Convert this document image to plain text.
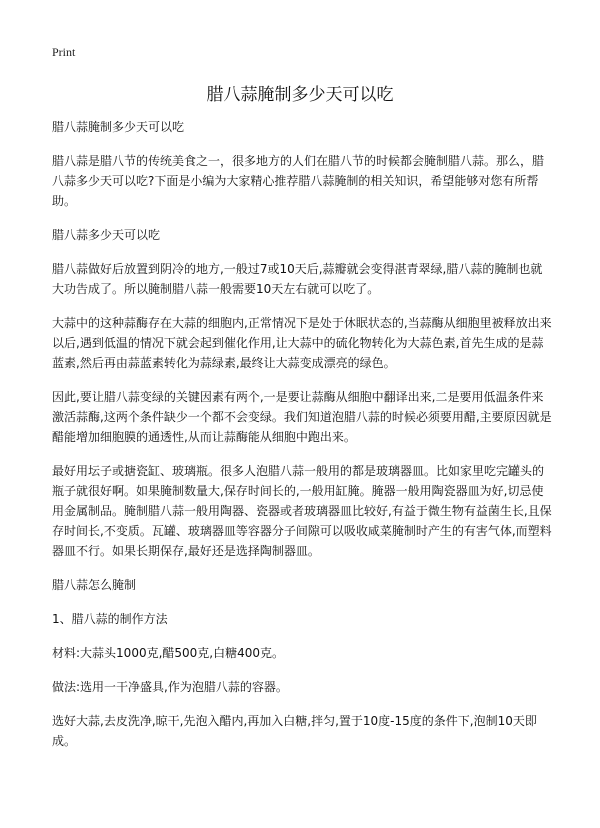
Print
腊八蒜腌制多少天可以吃

腊八蒜腌制多少天可以吃

腊八蒜是腊八节的传统美食之一，很多地方的人们在腊八节的时候都会腌制腊八蒜。那么，腊八蒜多少天可以吃?下面是小编为大家精心推荐腊八蒜腌制的相关知识，希望能够对您有所帮助。

腊八蒜多少天可以吃

腊八蒜做好后放置到阴冷的地方,一般过7或10天后,蒜瓣就会变得湛青翠绿,腊八蒜的腌制也就大功告成了。所以腌制腊八蒜一般需要10天左右就可以吃了。

大蒜中的这种蒜酶存在大蒜的细胞内,正常情况下是处于休眠状态的,当蒜酶从细胞里被释放出来以后,遇到低温的情况下就会起到催化作用,让大蒜中的硫化物转化为大蒜色素,首先生成的是蒜蓝素,然后再由蒜蓝素转化为蒜绿素,最终让大蒜变成漂亮的绿色。

因此,要让腊八蒜变绿的关键因素有两个,一是要让蒜酶从细胞中翻译出来,二是要用低温条件来激活蒜酶,这两个条件缺少一个都不会变绿。我们知道泡腊八蒜的时候必须要用醋,主要原因就是醋能增加细胞膜的通透性,从而让蒜酶能从细胞中跑出来。

最好用坛子或搪瓷缸、玻璃瓶。很多人泡腊八蒜一般用的都是玻璃器皿。比如家里吃完罐头的瓶子就很好啊。如果腌制数量大,保存时间长的,一般用缸腌。腌器一般用陶瓷器皿为好,切忌使用金属制品。腌制腊八蒜一般用陶器、瓷器或者玻璃器皿比较好,有益于微生物有益菌生长,且保存时间长,不变质。瓦罐、玻璃器皿等容器分子间隙可以吸收咸菜腌制时产生的有害气体,而塑料器皿不行。如果长期保存,最好还是选择陶制器皿。

腊八蒜怎么腌制

1、腊八蒜的制作方法

材料:大蒜头1000克,醋500克,白糖400克。

做法:选用一干净盛具,作为泡腊八蒜的容器。

选好大蒜,去皮洗净,晾干,先泡入醋内,再加入白糖,拌匀,置于10度-15度的条件下,泡制10天即成。
